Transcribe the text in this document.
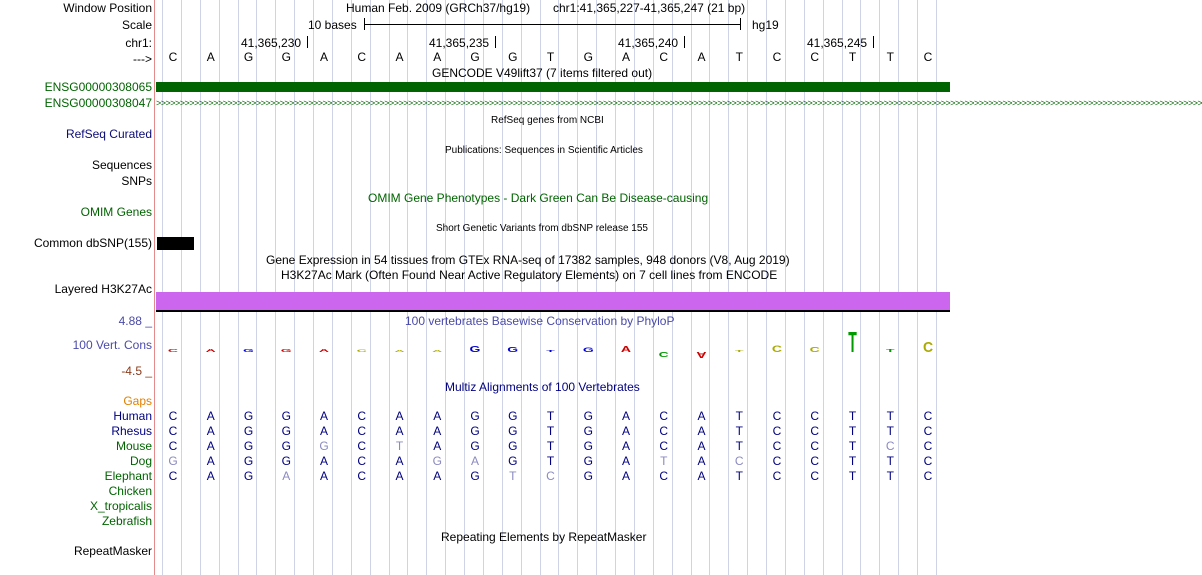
Window Position
Scale
chr1:
--->
ENSG00000308065
ENSG00000308047
RefSeq Curated
Sequences
SNPs
OMIM Genes
Common dbSNP(155)
Layered H3K27Ac
4.88 _
100 Vert. Cons
-4.5 _
Gaps
Human
Rhesus
Mouse
Dog
Elephant
Chicken
X_tropicalis
Zebrafish
RepeatMasker
Human Feb. 2009 (GRCh37/hg19) chr1:41,365,227-41,365,247 (21 bp)
10 bases	hg19
41,365,230	41,365,235	41,365,240	41,365,245
C	A	G	G	A	C	A	A	G	G	T	G	A	C	A	T	C	C	T	T	C
GENCODE V49lift37 (7 items filtered out)
>>>>>>>>>>>>>>>>>>>>>>>>>>>>>>>>>>>>>>>>>>>>>>>>>>>>>>>>>>>>>>>>>>>>>>>>>>>>>>>>>>>>>>>>>>>>>>>>>>>>>>>>>>>>>>>>>>>>>>>>>>>>>>>>>>>>>>>>>>>>>>>>>>>>>>>>>>>>>>>>>>>>>>>>>>>>>>>>>>>>>>>>>>>>>>>>>>>>>>>>>>>>>>>>>>>>>>>>>>>>
RefSeq genes from NCBI
Publications: Sequences in Scientific Articles
OMIM Gene Phenotypes - Dark Green Can Be Disease-causing
Short Genetic Variants from dbSNP release 155
Gene Expression in 54 tissues from GTEx RNA-seq of 17382 samples, 948 donors (V8, Aug 2019)
H3K27Ac Mark (Often Found Near Active Regulatory Elements) on 7 cell lines from ENCODE
100 vertebrates Basewise Conservation by PhyloP
C A G G A C A A G G T G A C A T C C T T C
Multiz Alignments of 100 Vertebrates
C	A	G	G	A	C	A	A	G	G	T	G	A	C	A	T	C	C	T	T	C
C	A	G	G	A	C	A	A	G	G	T	G	A	C	A	T	C	C	T	T	C
C	A	G	G	G	C	T	A	G	G	T	G	A	C	A	T	C	C	T	C	C
G	A	G	G	A	C	A	G	A	G	T	G	A	T	A	C	C	C	T	T	C
C	A	G	A	A	C	A	A	G	T	C	G	A	C	A	T	C	C	T	T	C
Repeating Elements by RepeatMasker
